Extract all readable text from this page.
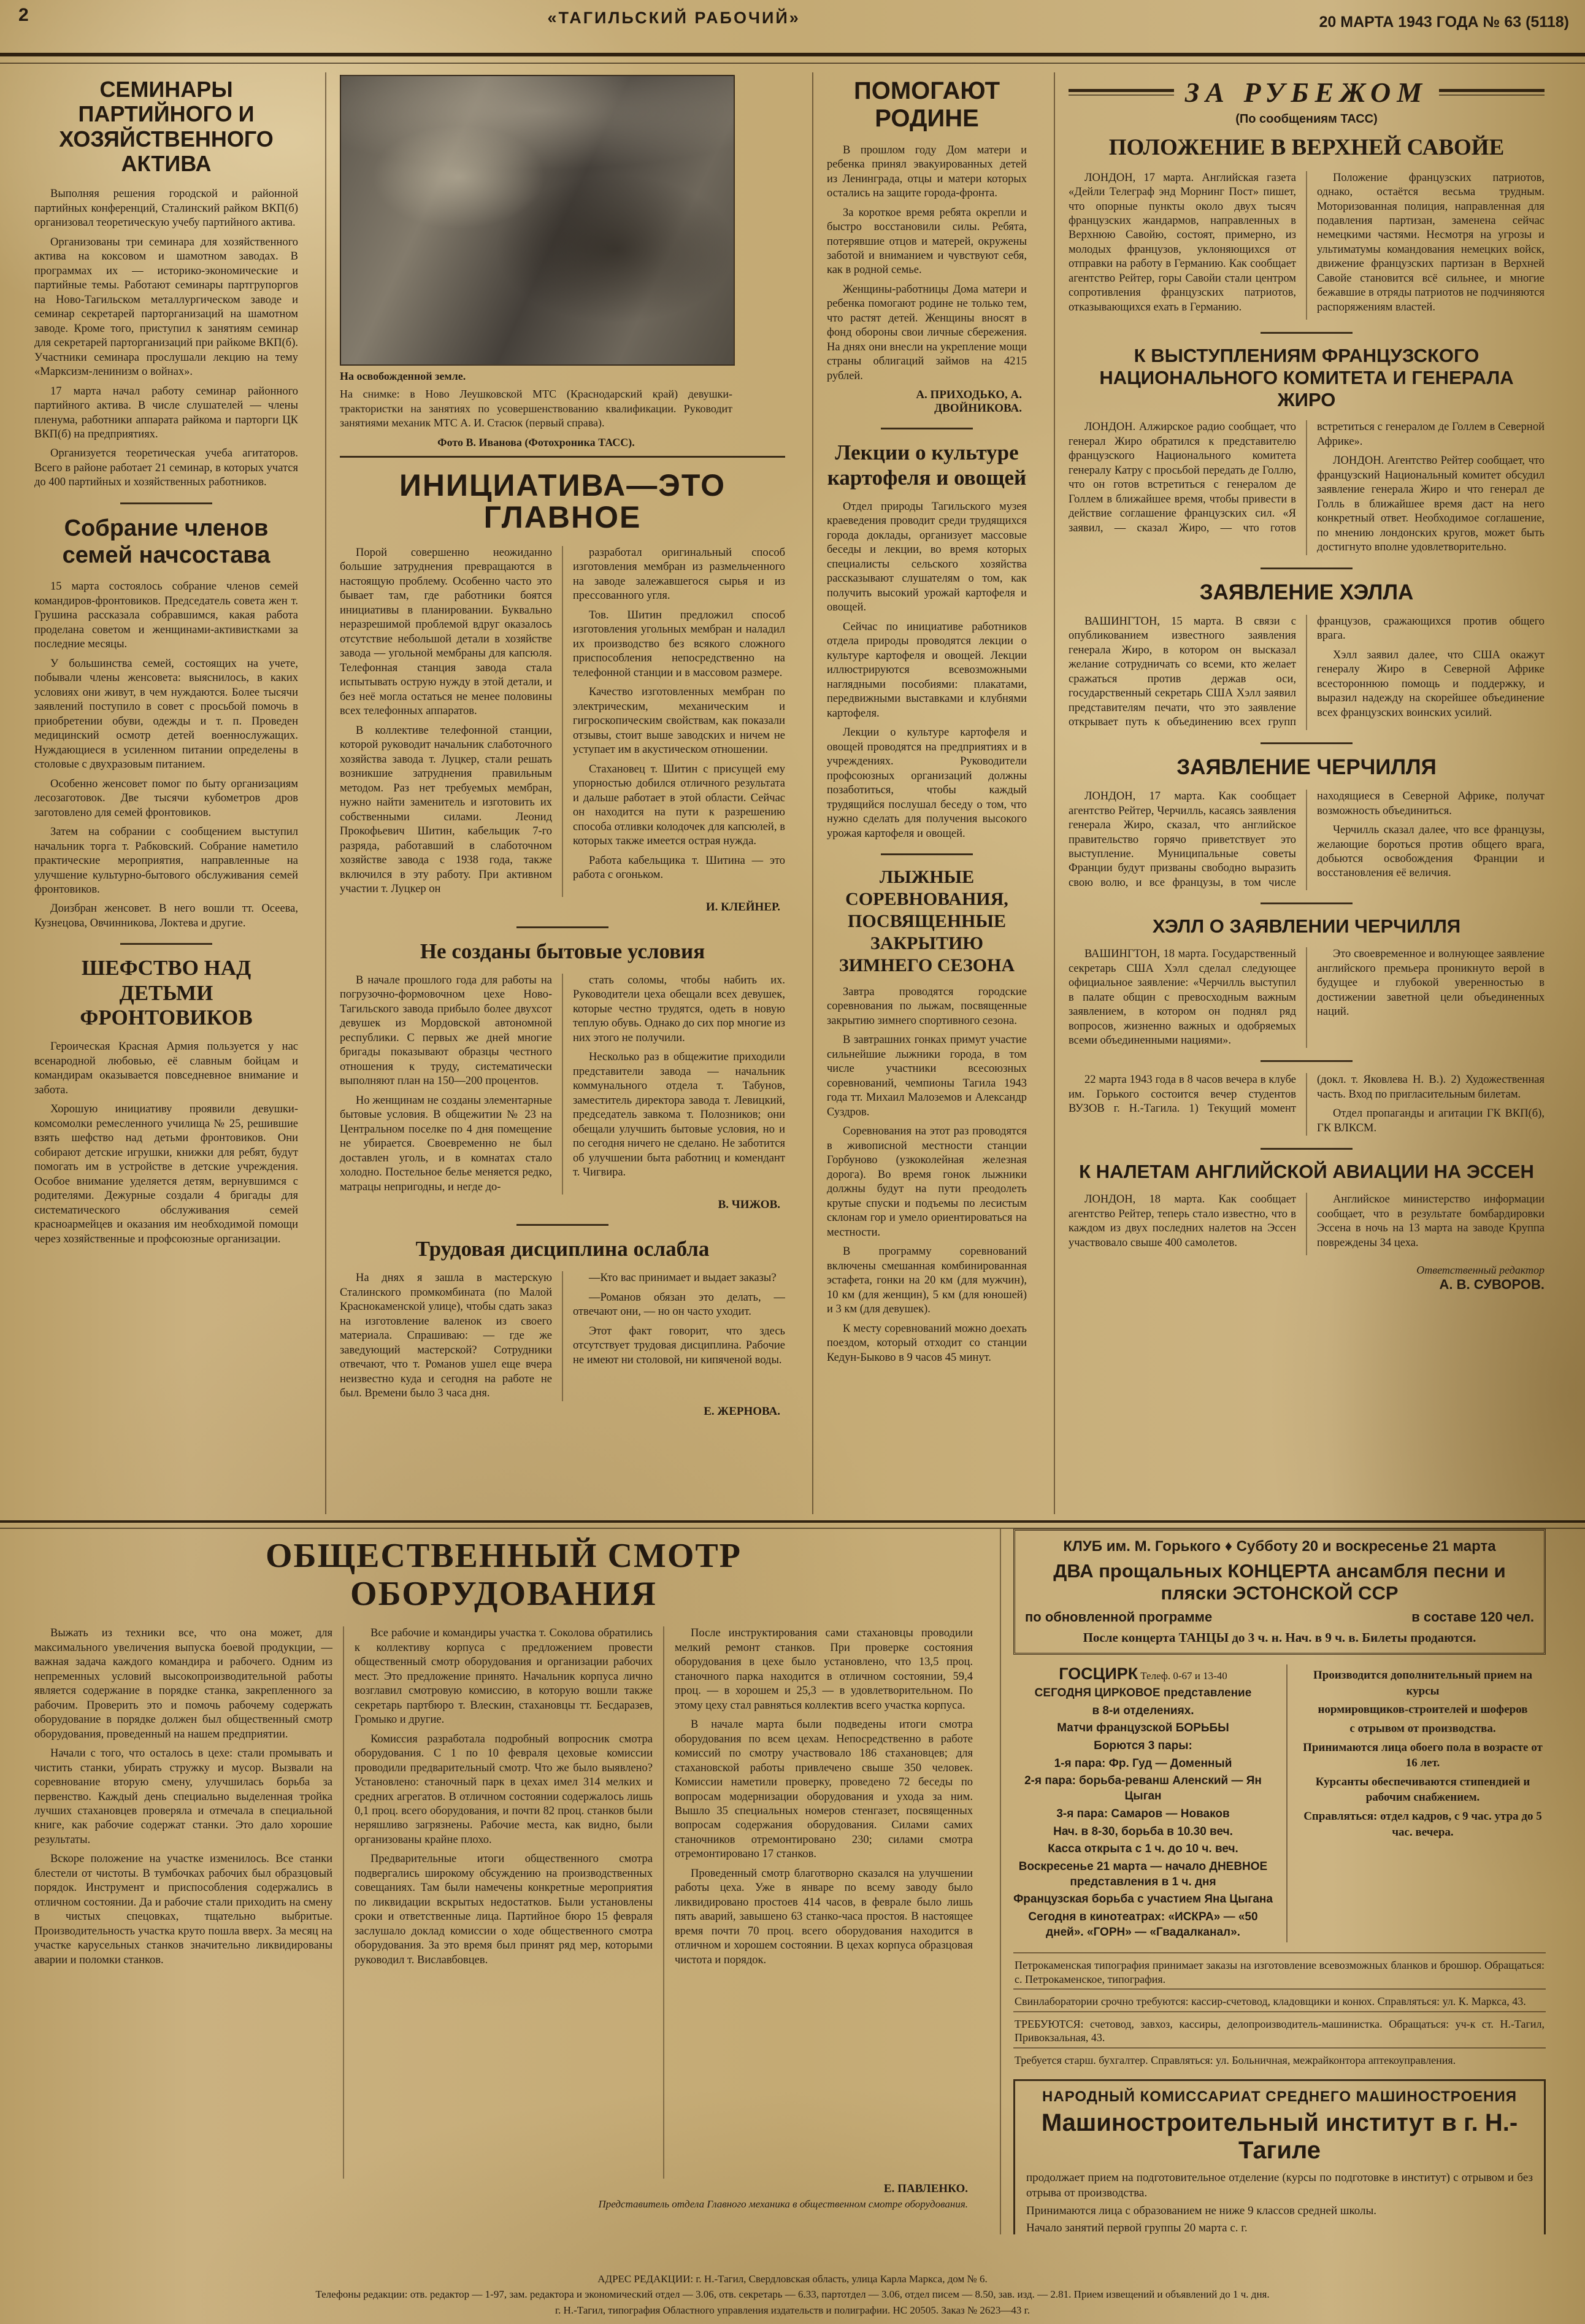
2	«ТАГИЛЬСКИЙ РАБОЧИЙ»	20 МАРТА 1943 ГОДА № 63 (5118)
СЕМИНАРЫ ПАРТИЙНОГО И ХОЗЯЙСТВЕННОГО АКТИВА

Выполняя решения городской и районной партийных конференций, Сталинский райком ВКП(б) организовал теоретическую учебу партийного актива.

Организованы три семинара для хозяйственного актива на коксовом и шамотном заводах. В программах их — историко-экономические и партийные темы. Работают семинары партгрупоргов на Ново-Тагильском металлургическом заводе и семинар секретарей парторганизаций на шамотном заводе. Кроме того, приступил к занятиям семинар для секретарей парторганизаций при райкоме ВКП(б). Участники семинара прослушали лекцию на тему «Марксизм-ленинизм о войнах».

17 марта начал работу семинар районного партийного актива. В числе слушателей — члены пленума, работники аппарата райкома и парторги ЦК ВКП(б) на предприятиях.

Организуется теоретическая учеба агитаторов. Всего в районе работает 21 семинар, в которых учатся до 400 партийных и хозяйственных работников.

Собрание членов семей начсостава

15 марта состоялось собрание членов семей командиров-фронтовиков. Председатель совета жен т. Грушина рассказала собравшимся, какая работа проделана советом и женщинами-активистками за последние месяцы.

У большинства семей, состоящих на учете, побывали члены женсовета: выяснилось, в каких условиях они живут, в чем нуждаются. Более тысячи заявлений поступило в совет с просьбой помочь в приобретении обуви, одежды и т. п. Проведен медицинский осмотр детей военнослужащих. Нуждающиеся в усиленном питании определены в столовые с двухразовым питанием.

Особенно женсовет помог по быту организациям лесозаготовок. Две тысячи кубометров дров заготовлено для семей фронтовиков.

Затем на собрании с сообщением выступил начальник торга т. Рабковский. Собрание наметило практические мероприятия, направленные на улучшение культурно-бытового обслуживания семей фронтовиков.

Доизбран женсовет. В него вошли тт. Осеева, Кузнецова, Овчинникова, Локтева и другие.

ШЕФСТВО НАД ДЕТЬМИ ФРОНТОВИКОВ

Героическая Красная Армия пользуется у нас всенародной любовью, её славным бойцам и командирам оказывается повседневное внимание и забота.

Хорошую инициативу проявили девушки-комсомолки ремесленного училища № 25, решившие взять шефство над детьми фронтовиков. Они собирают детские игрушки, книжки для ребят, будут помогать им в устройстве в детские учреждения. Особое внимание уделяется детям, вернувшимся с родителями. Дежурные создали 4 бригады для систематического обслуживания семей красноармейцев и оказания им необходимой помощи через хозяйственные и профсоюзные организации.

На освобожденной земле.

На снимке: в Ново Леушковской МТС (Краснодарский край) девушки-трактористки на занятиях по усовершенствованию квалификации. Руководит занятиями механик МТС А. И. Стасюк (первый справа).

Фото В. Иванова (Фотохроника ТАСС).

ИНИЦИАТИВА—ЭТО ГЛАВНОЕ

Порой совершенно неожиданно большие затруднения превращаются в настоящую проблему. Особенно часто это бывает там, где работники боятся инициативы в планировании. Буквально неразрешимой проблемой вдруг оказалось отсутствие небольшой детали в хозяйстве завода — угольной мембраны для капсюля. Телефонная станция завода стала испытывать острую нужду в этой детали, и без неё могла остаться не менее половины всех телефонных аппаратов.

В коллективе телефонной станции, которой руководит начальник слаботочного хозяйства завода т. Луцкер, стали решать возникшие затруднения правильным методом. Раз нет требуемых мембран, нужно найти заменитель и изготовить их собственными силами. Леонид Прокофьевич Шитин, кабельщик 7-го разряда, работавший в слаботочном хозяйстве завода с 1938 года, также включился в эту работу. При активном участии т. Луцкер он

разработал оригинальный способ изготовления мембран из размельченного на заводе залежавшегося сырья и из прессованного угля.

Тов. Шитин предложил способ изготовления угольных мембран и наладил их производство без всякого сложного приспособления непосредственно на телефонной станции и в массовом размере.

Качество изготовленных мембран по электрическим, механическим и гигроскопическим свойствам, как показали отзывы, стоит выше заводских и ничем не уступает им в акустическом отношении.

Стахановец т. Шитин с присущей ему упорностью добился отличного результата и дальше работает в этой области. Сейчас он находится на пути к разрешению способа отливки колодочек для капсюлей, в которых также имеется острая нужда.

Работа кабельщика т. Шитина — это работа с огоньком.

И. КЛЕЙНЕР.
Не созданы бытовые условия

В начале прошлого года для работы на погрузочно-формовочном цехе Ново-Тагильского завода прибыло более двухсот девушек из Мордовской автономной республики. С первых же дней многие бригады показывают образцы честного отношения к труду, систематически выполняют план на 150—200 процентов.

Но женщинам не созданы элементарные бытовые условия. В общежитии № 23 на Центральном поселке по 4 дня помещение не убирается. Своевременно не был доставлен уголь, и в комнатах стало холодно. Постельное белье меняется редко, матрацы непригодны, и негде до-

стать соломы, чтобы набить их. Руководители цеха обещали всех девушек, которые честно трудятся, одеть в новую теплую обувь. Однако до сих пор многие из них этого не получили.

Несколько раз в общежитие приходили представители завода — начальник коммунального отдела т. Табунов, заместитель директора завода т. Левицкий, председатель завкома т. Полозников; они обещали улучшить бытовые условия, но и по сегодня ничего не сделано. Не заботится об улучшении быта работниц и комендант т. Чигвира.

В. ЧИЖОВ.
Трудовая дисциплина ослабла

На днях я зашла в мастерскую Сталинского промкомбината (по Малой Краснокаменской улице), чтобы сдать заказ на изготовление валенок из своего материала. Спрашиваю: — где же заведующий мастерской? Сотрудники отвечают, что т. Романов ушел еще вчера неизвестно куда и сегодня на работе не был. Времени было 3 часа дня.

—Кто вас принимает и выдает заказы?

—Романов обязан это делать, — отвечают они, — но он часто уходит.

Этот факт говорит, что здесь отсутствует трудовая дисциплина. Рабочие не имеют ни столовой, ни кипяченой воды.

Е. ЖЕРНОВА.
ПОМОГАЮТ РОДИНЕ

В прошлом году Дом матери и ребенка принял эвакуированных детей из Ленинграда, отцы и матери которых остались на защите города-фронта.

За короткое время ребята окрепли и быстро восстановили силы. Ребята, потерявшие отцов и матерей, окружены заботой и вниманием и чувствуют себя, как в родной семье.

Женщины-работницы Дома матери и ребенка помогают родине не только тем, что растят детей. Женщины вносят в фонд обороны свои личные сбережения. На днях они внесли на укрепление мощи страны облигаций займов на 4215 рублей.

А. ПРИХОДЬКО, А. ДВОЙНИКОВА.
Лекции о культуре картофеля и овощей

Отдел природы Тагильского музея краеведения проводит среди трудящихся города доклады, организует массовые беседы и лекции, во время которых специалисты сельского хозяйства рассказывают слушателям о том, как получить высокий урожай картофеля и овощей.

Сейчас по инициативе работников отдела природы проводятся лекции о культуре картофеля и овощей. Лекции иллюстрируются всевозможными наглядными пособиями: плакатами, передвижными выставками и клубнями картофеля.

Лекции о культуре картофеля и овощей проводятся на предприятиях и в учреждениях. Руководители профсоюзных организаций должны позаботиться, чтобы каждый трудящийся послушал беседу о том, что нужно сделать для получения высокого урожая картофеля и овощей.

ЛЫЖНЫЕ СОРЕВНОВАНИЯ, ПОСВЯЩЕННЫЕ ЗАКРЫТИЮ ЗИМНЕГО СЕЗОНА

Завтра проводятся городские соревнования по лыжам, посвященные закрытию зимнего спортивного сезона.

В завтрашних гонках примут участие сильнейшие лыжники города, в том числе участники всесоюзных соревнований, чемпионы Тагила 1943 года тт. Михаил Малоземов и Александр Суздров.

Соревнования на этот раз проводятся в живописной местности станции Горбуново (узкоколейная железная дорога). Во время гонок лыжники должны будут на пути преодолеть крутые спуски и подъемы по лесистым склонам гор и умело ориентироваться на местности.

В программу соревнований включены смешанная комбинированная эстафета, гонки на 20 км (для мужчин), 10 км (для женщин), 5 км (для юношей) и 3 км (для девушек).

К месту соревнований можно доехать поездом, который отходит со станции Кедун-Быково в 9 часов 45 минут.

ЗА РУБЕЖОМ
(По сообщениям ТАСС)
ПОЛОЖЕНИЕ В ВЕРХНЕЙ САВОЙЕ

ЛОНДОН, 17 марта. Английская газета «Дейли Телеграф энд Морнинг Пост» пишет, что опорные пункты около двух тысяч французских жандармов, направленных в Верхнюю Савойю, состоят, примерно, из молодых французов, уклоняющихся от отправки на работу в Германию. Как сообщает агентство Рейтер, горы Савойи стали центром сопротивления французских патриотов, отказывающихся ехать в Германию.

Положение французских патриотов, однако, остаётся весьма трудным. Моторизованная полиция, направленная для подавления партизан, заменена сейчас немецкими частями. Несмотря на угрозы и ультиматумы командования немецких войск, движение французских партизан в Верхней Савойе становится всё сильнее, и многие бежавшие в отряды патриотов не подчиняются распоряжениям властей.

К ВЫСТУПЛЕНИЯМ ФРАНЦУЗСКОГО НАЦИОНАЛЬНОГО КОМИТЕТА И ГЕНЕРАЛА ЖИРО

ЛОНДОН. Алжирское радио сообщает, что генерал Жиро обратился к представителю французского Национального комитета генералу Катру с просьбой передать де Голлю, что он готов встретиться с генералом де Голлем в ближайшее время, чтобы привести в действие соглашение французских сил. «Я заявил, — сказал Жиро, — что готов встретиться с генералом де Голлем в Северной Африке».

ЛОНДОН. Агентство Рейтер сообщает, что французский Национальный комитет обсудил заявление генерала Жиро и что генерал де Голль в ближайшее время даст на него конкретный ответ. Необходимое соглашение, по мнению лондонских кругов, может быть достигнуто вполне удовлетворительно.

ЗАЯВЛЕНИЕ ХЭЛЛА

ВАШИНГТОН, 15 марта. В связи с опубликованием известного заявления генерала Жиро, в котором он высказал желание сотрудничать со всеми, кто желает сражаться против держав оси, государственный секретарь США Хэлл заявил представителям печати, что это заявление открывает путь к объединению всех групп французов, сражающихся против общего врага.

Хэлл заявил далее, что США окажут генералу Жиро в Северной Африке всестороннюю помощь и поддержку, и выразил надежду на скорейшее объединение всех французских воинских усилий.

ЗАЯВЛЕНИЕ ЧЕРЧИЛЛЯ

ЛОНДОН, 17 марта. Как сообщает агентство Рейтер, Черчилль, касаясь заявления генерала Жиро, сказал, что английское правительство горячо приветствует это выступление. Муниципальные советы Франции будут призваны свободно выразить свою волю, и все французы, в том числе находящиеся в Северной Африке, получат возможность объединиться.

Черчилль сказал далее, что все французы, желающие бороться против общего врага, добьются освобождения Франции и восстановления её величия.

ХЭЛЛ О ЗАЯВЛЕНИИ ЧЕРЧИЛЛЯ

ВАШИНГТОН, 18 марта. Государственный секретарь США Хэлл сделал следующее официальное заявление: «Черчилль выступил в палате общин с превосходным важным заявлением, в котором он поднял ряд вопросов, жизненно важных и одобряемых всеми объединенными нациями».

Это своевременное и волнующее заявление английского премьера проникнуто верой в будущее и глубокой уверенностью в достижении заветной цели объединенных наций.

22 марта 1943 года в 8 часов вечера в клубе им. Горького состоится вечер студентов ВУЗОВ г. Н.-Тагила. 1) Текущий момент (докл. т. Яковлева Н. В.). 2) Художественная часть. Вход по пригласительным билетам.

Отдел пропаганды и агитации ГК ВКП(б), ГК ВЛКСМ.

К НАЛЕТАМ АНГЛИЙСКОЙ АВИАЦИИ НА ЭССЕН

ЛОНДОН, 18 марта. Как сообщает агентство Рейтер, теперь стало известно, что в каждом из двух последних налетов на Эссен участвовало свыше 400 самолетов.

Английское министерство информации сообщает, что в результате бомбардировки Эссена в ночь на 13 марта на заводе Круппа повреждены 34 цеха.

Ответственный редактор
А. В. СУВОРОВ.
ОБЩЕСТВЕННЫЙ СМОТР
ОБОРУДОВАНИЯ

Выжать из техники все, что она может, для максимального увеличения выпуска боевой продукции, — важная задача каждого командира и рабочего. Одним из непременных условий высокопроизводительной работы является содержание в порядке станка, закрепленного за рабочим. Проверить это и помочь рабочему содержать оборудование в порядке должен был общественный смотр оборудования, проведенный на нашем предприятии.

Начали с того, что осталось в цехе: стали промывать и чистить станки, убирать стружку и мусор. Вызвали на соревнование вторую смену, улучшилась борьба за первенство. Каждый день специально выделенная тройка лучших стахановцев проверяла и отмечала в специальной книге, как рабочие содержат станки. Это дало хорошие результаты.

Вскоре положение на участке изменилось. Все станки блестели от чистоты. В тумбочках рабочих был образцовый порядок. Инструмент и приспособления содержались в отличном состоянии. Да и рабочие стали приходить на смену в чистых спецовках, тщательно выбритые. Производительность участка круто пошла вверх. За месяц на участке карусельных станков значительно ликвидированы аварии и поломки станков.

Все рабочие и командиры участка т. Соколова обратились к коллективу корпуса с предложением провести общественный смотр оборудования и организации рабочих мест. Это предложение принято. Начальник корпуса лично возглавил смотровую комиссию, в которую вошли также секретарь партбюро т. Влескин, стахановцы тт. Бесдаразев, Громыко и другие.

Комиссия разработала подробный вопросник смотра оборудования. С 1 по 10 февраля цеховые комиссии проводили предварительный смотр. Что же было выявлено? Установлено: станочный парк в цехах имел 314 мелких и средних агрегатов. В отличном состоянии содержалось лишь 0,1 проц. всего оборудования, и почти 82 проц. станков были неряшливо загрязнены. Рабочие места, как видно, были организованы крайне плохо.

Предварительные итоги общественного смотра подвергались широкому обсуждению на производственных совещаниях. Там были намечены конкретные мероприятия по ликвидации вскрытых недостатков. Были установлены сроки и ответственные лица. Партийное бюро 15 февраля заслушало доклад комиссии о ходе общественного смотра оборудования. За это время был принят ряд мер, которыми руководил т. Виславбовцев.

После инструктирования сами стахановцы проводили мелкий ремонт станков. При проверке состояния оборудования в цехе было установлено, что 13,5 проц. станочного парка находится в отличном состоянии, 59,4 проц. — в хорошем и 25,3 — в удовлетворительном. По этому цеху стал равняться коллектив всего участка корпуса.

В начале марта были подведены итоги смотра оборудования по всем цехам. Непосредственно в работе комиссий по смотру участвовало 186 стахановцев; для стахановской работы привлечено свыше 350 человек. Комиссии наметили проверку, проведено 72 беседы по вопросам модернизации оборудования и ухода за ним. Вышло 35 специальных номеров стенгазет, посвященных вопросам содержания оборудования. Силами самих станочников отремонтировано 230; силами смотра отремонтировано 17 станков.

Проведенный смотр благотворно сказался на улучшении работы цеха. Уже в январе по всему заводу было ликвидировано простоев 414 часов, в феврале было лишь пять аварий, завышено 63 станко-часа простоя. В настоящее время почти 70 проц. всего оборудования находится в отличном и хорошем состоянии. В цехах корпуса образцовая чистота и порядок.

Е. ПАВЛЕНКО.
Представитель отдела Главного механика в общественном смотре оборудования.
КЛУБ им. М. Горького ♦ Субботу 20 и воскресенье 21 марта
ДВА прощальных КОНЦЕРТА ансамбля песни и пляски ЭСТОНСКОЙ ССР
по обновленной программе	в составе 120 чел.
После концерта ТАНЦЫ до 3 ч. н. Нач. в 9 ч. в. Билеты продаются.
ГОСЦИРК Телеф. 0-67 и 13-40

СЕГОДНЯ ЦИРКОВОЕ представление

в 8-и отделениях.

Матчи французской БОРЬБЫ

Борются 3 пары:

1-я пара: Фр. Гуд — Доменный

2-я пара: борьба-реванш Аленский — Ян Цыган

3-я пара: Самаров — Новаков

Нач. в 8-30, борьба в 10.30 веч.

Касса открыта с 1 ч. до 10 ч. веч.

Воскресенье 21 марта — начало ДНЕВНОЕ представления в 1 ч. дня

Французская борьба с участием Яна Цыгана

Сегодня в кинотеатрах: «ИСКРА» — «50 дней». «ГОРН» — «Гвадалканал».

Производится дополнительный прием на курсы

нормировщиков-строителей и шоферов

с отрывом от производства.

Принимаются лица обоего пола в возрасте от 16 лет.

Курсанты обеспечиваются стипендией и рабочим снабжением.

Справляться: отдел кадров, с 9 час. утра до 5 час. вечера.

Петрокаменская типография принимает заказы на изготовление всевозможных бланков и брошюр. Обращаться: с. Петрокаменское, типография.

Свинлаборатории срочно требуются: кассир-счетовод, кладовщики и конюх. Справляться: ул. К. Маркса, 43.

ТРЕБУЮТСЯ: счетовод, завхоз, кассиры, делопроизводитель-машинистка. Обращаться: уч-к ст. Н.-Тагил, Привокзальная, 43.

Требуется старш. бухгалтер. Справляться: ул. Больничная, межрайконтора аптекоуправления.

НАРОДНЫЙ КОМИССАРИАТ СРЕДНЕГО МАШИНОСТРОЕНИЯ
Машиностроительный институт в г. Н.-Тагиле

продолжает прием на подготовительное отделение (курсы по подготовке в институт) с отрывом и без отрыва от производства.

Принимаются лица с образованием не ниже 9 классов средней школы.

Начало занятий первой группы 20 марта с. г.

АДРЕС РЕДАКЦИИ: г. Н.-Тагил, Свердловская область, улица Карла Маркса, дом № 6.

Телефоны редакции: отв. редактор — 1-97, зам. редактора и экономический отдел — 3.06, отв. секретарь — 6.33, партотдел — 3.06, отдел писем — 8.50, зав. изд. — 2.81. Прием извещений и объявлений до 1 ч. дня.

г. Н.-Тагил, типография Областного управления издательств и полиграфии. НС 20505. Заказ № 2623—43 г.
